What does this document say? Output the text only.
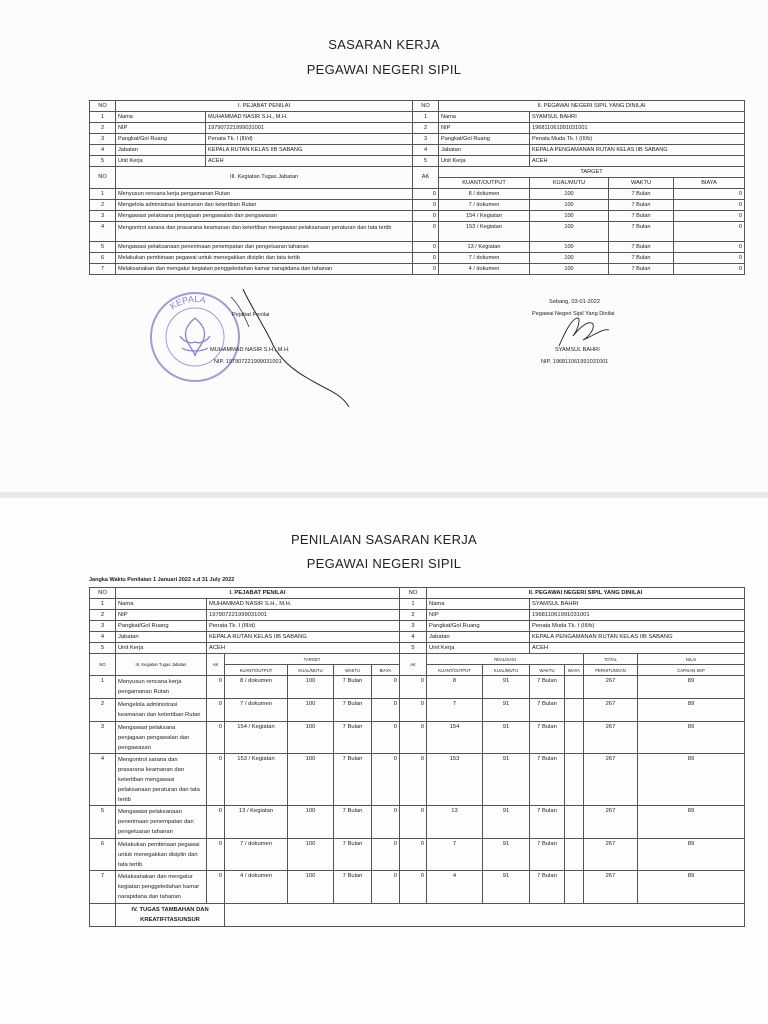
SASARAN KERJA
PEGAWAI NEGERI SIPIL
NO	I. PEJABAT PENILAI		NO	II. PEGAWAI NEGERI SIPIL YANG DINILAI			
1	Nama	MUHAMMAD NASIR S.H., M.H.	1	Nama	SYAMSUL BAHRI		
2	NIP	197907221999031001	2	NIP	196811061991031001		
3	Pangkat/Gol Ruang	Penata Tk. I (III/d)	3	Pangkat/Gol Ruang	Penata Muda Tk. I (III/b)		
4	Jabatan	KEPALA RUTAN KELAS IIB SABANG	4	Jabatan	KEPALA PENGAMANAN RUTAN KELAS IIB SABANG		
5	Unit Kerja	ACEH	5	Unit Kerja	ACEH		
NO	III. Kegiatan Tugas Jabatan		AK	TARGET			
				KUANT/OUTPUT	KUAL/MUTU	WAKTU	BIAYA
1	Menyusun rencana kerja pengamanan Rutan		0	8 / dokumen	100	7 Bulan	0
2	Mengelola administrasi keamanan dan ketertiban Rutan		0	7 / dokumen	100	7 Bulan	0
3	Mengawasi pelaksana penjagaan pengawalan dan pengawasan		0	154 / Kegiatan	100	7 Bulan	0
4	Mengontrol sarana dan prasarana keamanan dan ketertiban mengawasi pelaksanaan peraturan dan tata tertib		0	153 / Kegiatan	100	7 Bulan	0
5	Mengawasi pelaksanaan penerimaan penempatan dan pengeluaran tahanan		0	13 / Kegiatan	100	7 Bulan	0
6	Melakukan pembinaan pegawai untuk menegakkan disiplin dan tata tertib		0	7 / dokumen	100	7 Bulan	0
7	Melaksanakan dan mengatur kegiatan penggeledahan kamar narapidana dan tahanan		0	4 / dokumen	100	7 Bulan	0
KEPALA
Pejabat Penilai
MUHAMMAD NASIR S.H., M.H.
NIP. 197907221999031001
Sebang, 03-01-2022
Pegawai Negeri Sipil Yang Dinilai
SYAMSUL BAHRI
NIP. 196811061991031001
PENILAIAN SASARAN KERJA
PEGAWAI NEGERI SIPIL
Jangka Waktu Penilaian 1 Januari 2022 s.d 31 July 2022
NO	I. PEJABAT PENILAI						NO	II. PEGAWAI NEGERI SIPIL YANG DINILAI					
1	Nama	MUHAMMAD NASIR S.H., M.H.					1	Nama		SYAMSUL BAHRI			
2	NIP	197907221999031001					2	NIP		196811061991031001			
3	Pangkat/Gol Ruang	Penata Tk. I (III/d)					3	Pangkat/Gol Ruang		Penata Muda Tk. I (III/b)			
4	Jabatan	KEPALA RUTAN KELAS IIB SABANG					4	Jabatan		KEPALA PENGAMANAN RUTAN KELAS IIB SABANG			
5	Unit Kerja	ACEH					5	Unit Kerja		ACEH			
NO	III. Kegiatan Tugas Jabatan	AK	TARGET				AK	REALISASI				TOTAL	NILAI
			KUANT/OUTPUT	KUAL/MUTU	WAKTU	BIAYA		KUANT/OUTPUT	KUAL/MUTU	WAKTU	BIAYA	PERHITUNGAN	CAPAIAN SKP
1	Menyusun rencana kerja pengamanan Rutan	0	8 / dokumen	100	7 Bulan	0	0	8	91	7 Bulan		267	89
2	Mengelola administrasi keamanan dan ketertiban Rutan	0	7 / dokumen	100	7 Bulan	0	0	7	91	7 Bulan		267	89
3	Mengawasi pelaksana penjagaan pengawalan dan pengawasan	0	154 / Kegiatan	100	7 Bulan	0	0	154	91	7 Bulan		267	89
4	Mengontrol sarana dan prasarana keamanan dan ketertiban mengawasi pelaksanaan peraturan dan tata tertib	0	153 / Kegiatan	100	7 Bulan	0	0	153	91	7 Bulan		267	89
5	Mengawasi pelaksanaan penerimaan penempatan dan pengeluaran tahanan	0	13 / Kegiatan	100	7 Bulan	0	0	13	91	7 Bulan		267	89
6	Melakukan pembinaan pegawai untuk menegakkan disiplin dan tata tertib	0	7 / dokumen	100	7 Bulan	0	0	7	91	7 Bulan		267	89
7	Melaksanakan dan mengatur kegiatan penggeledahan kamar narapidana dan tahanan	0	4 / dokumen	100	7 Bulan	0	0	4	91	7 Bulan		267	89
	IV. TUGAS TAMBAHAN DAN KREATIFITAS/UNSUR												
